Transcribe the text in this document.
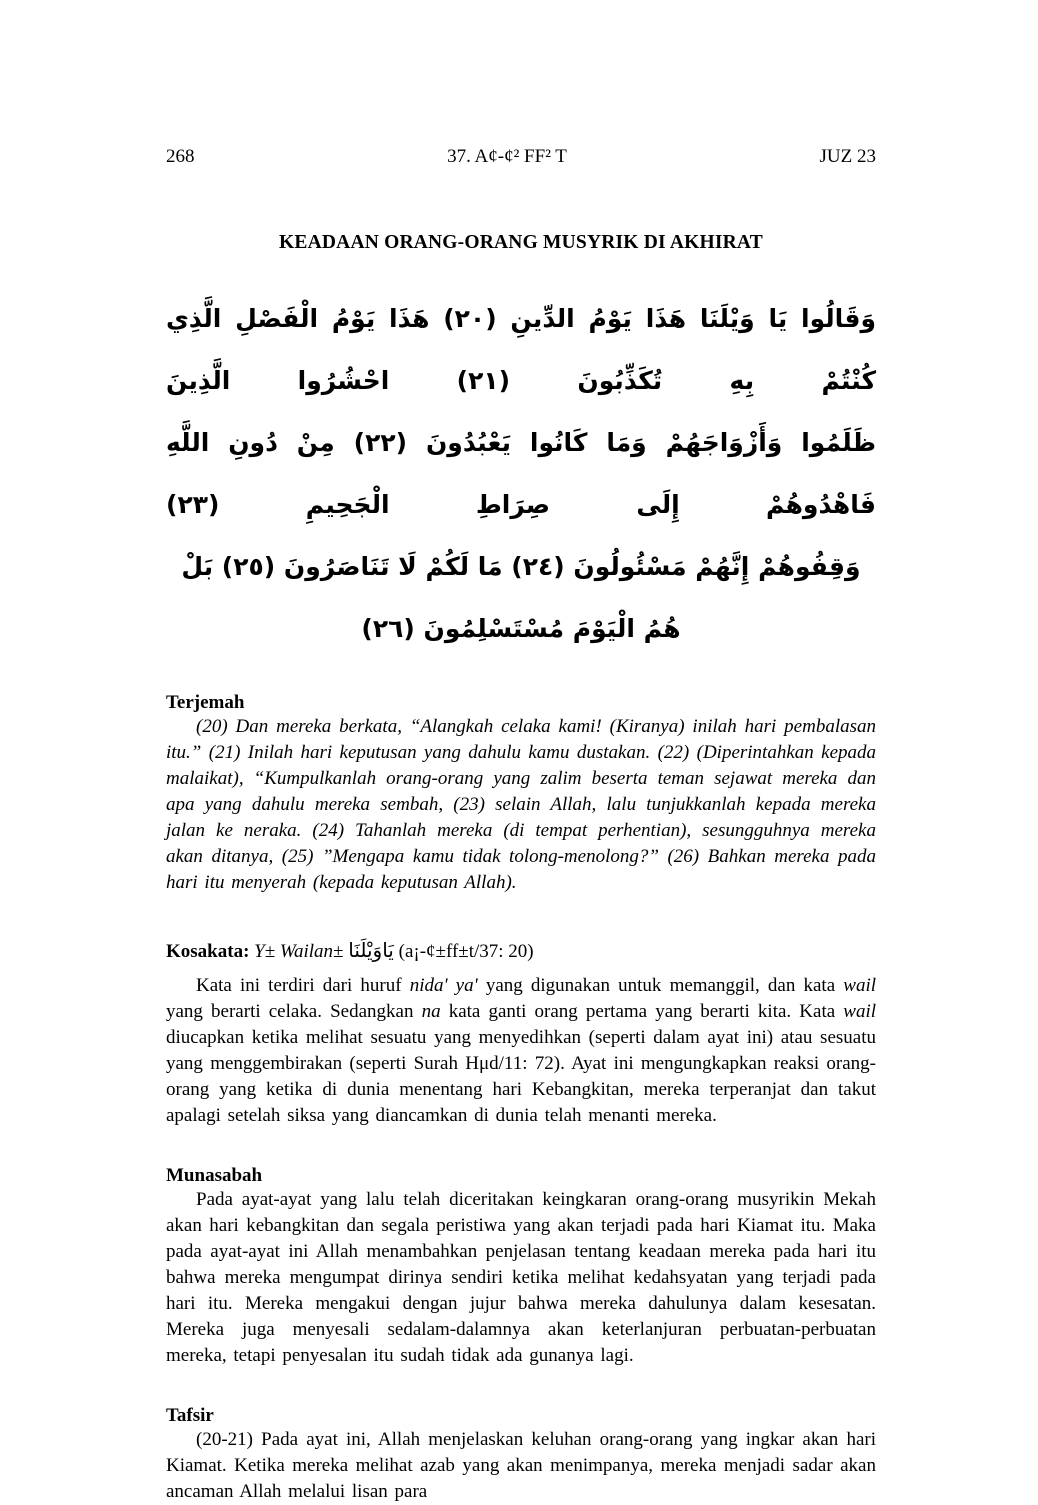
268	37. A¢-¢² FF² T	JUZ 23
KEADAAN ORANG-ORANG MUSYRIK DI AKHIRAT
وَقَالُوا يَا وَيْلَنَا هَذَا يَوْمُ الدِّينِ (٢٠) هَذَا يَوْمُ الْفَصْلِ الَّذِي كُنْتُمْ بِهِ تُكَذِّبُونَ (٢١) احْشُرُوا الَّذِينَ
ظَلَمُوا وَأَزْوَاجَهُمْ وَمَا كَانُوا يَعْبُدُونَ (٢٢) مِنْ دُونِ اللَّهِ فَاهْدُوهُمْ إِلَى صِرَاطِ الْجَحِيمِ (٢٣)
وَقِفُوهُمْ إِنَّهُمْ مَسْئُولُونَ (٢٤) مَا لَكُمْ لَا تَنَاصَرُونَ (٢٥) بَلْ هُمُ الْيَوْمَ مُسْتَسْلِمُونَ (٢٦)
Terjemah

(20) Dan mereka berkata, “Alangkah celaka kami! (Kiranya) inilah hari pembalasan itu.” (21) Inilah hari keputusan yang dahulu kamu dustakan. (22) (Diperintahkan kepada malaikat), “Kumpulkanlah orang-orang yang zalim beserta teman sejawat mereka dan apa yang dahulu mereka sembah, (23) selain Allah, lalu tunjukkanlah kepada mereka jalan ke neraka. (24) Tahanlah mereka (di tempat perhentian), sesungguhnya mereka akan ditanya, (25) ”Mengapa kamu tidak tolong-menolong?” (26) Bahkan mereka pada hari itu menyerah (kepada keputusan Allah).

Kosakata: Y± Wailan± يَاوَيْلَنَا (a¡-¢±ff±t/37: 20)

Kata ini terdiri dari huruf nida' ya' yang digunakan untuk memanggil, dan kata wail yang berarti celaka. Sedangkan na kata ganti orang pertama yang berarti kita. Kata wail diucapkan ketika melihat sesuatu yang menyedihkan (seperti dalam ayat ini) atau sesuatu yang menggembirakan (seperti Surah Hμd/11: 72). Ayat ini mengungkapkan reaksi orang-orang yang ketika di dunia menentang hari Kebangkitan, mereka terperanjat dan takut apalagi setelah siksa yang diancamkan di dunia telah menanti mereka.

Munasabah

Pada ayat-ayat yang lalu telah diceritakan keingkaran orang-orang musyrikin Mekah akan hari kebangkitan dan segala peristiwa yang akan terjadi pada hari Kiamat itu. Maka pada ayat-ayat ini Allah menambahkan penjelasan tentang keadaan mereka pada hari itu bahwa mereka mengumpat dirinya sendiri ketika melihat kedahsyatan yang terjadi pada hari itu. Mereka mengakui dengan jujur bahwa mereka dahulunya dalam kesesatan. Mereka juga menyesali sedalam-dalamnya akan keterlanjuran perbuatan-perbuatan mereka, tetapi penyesalan itu sudah tidak ada gunanya lagi.

Tafsir

(20-21) Pada ayat ini, Allah menjelaskan keluhan orang-orang yang ingkar akan hari Kiamat. Ketika mereka melihat azab yang akan menimpanya, mereka menjadi sadar akan ancaman Allah melalui lisan para
